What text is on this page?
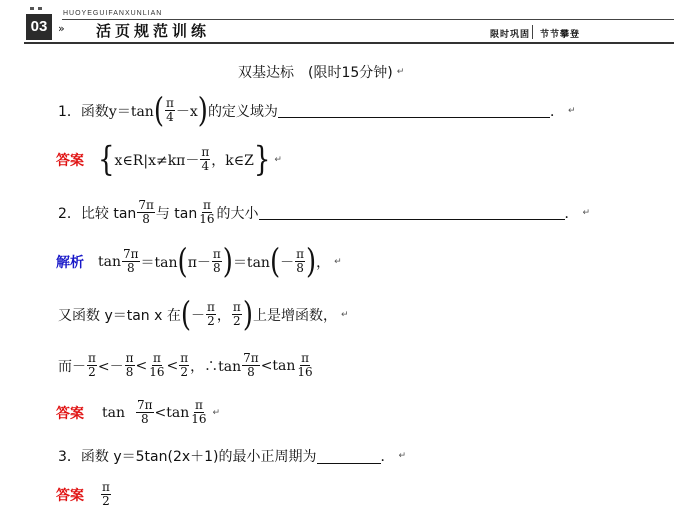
03
HUOYEGUIFANXUNLIAN
» 活页规范训练	限时巩固 节节攀登
双基达标　(限时15分钟) ↵
1．函数 y＝tan ( $\frac{\pi}{4} -x$ ) 的定义域为	． ↵
答案 { x∈R|x≠kπ－ $\frac{\pi}{4}$ ，k∈Z } ↵
2．比较 $\tan \frac{7\pi}{8}$ 与 $\tan \frac{\pi}{16}$ 的大小	． ↵
解析 $\tan \frac{7\pi}{8} =\tan$ ( $\pi- \frac{\pi}{8}$ ) ＝tan ( － $\frac{\pi}{8}$ ) ， ↵
又函数 y＝tan x 在 ( － $\frac{\pi}{2}$ ， $\frac{\pi}{2}$ ) 上是增函数， ↵
而－ $\frac{\pi}{2} <- \frac{\pi}{8} < \frac{\pi}{16} < \frac{\pi}{2}$ ，∴tan $\frac{7\pi}{8} <\tan \frac{\pi}{16}$
答案 $\tan \frac{7\pi}{8} <\tan \frac{\pi}{16}$ ↵
3．函数 y＝5tan(2x＋1)的最小正周期为	． ↵
答案 $\frac{\pi}{2}$
